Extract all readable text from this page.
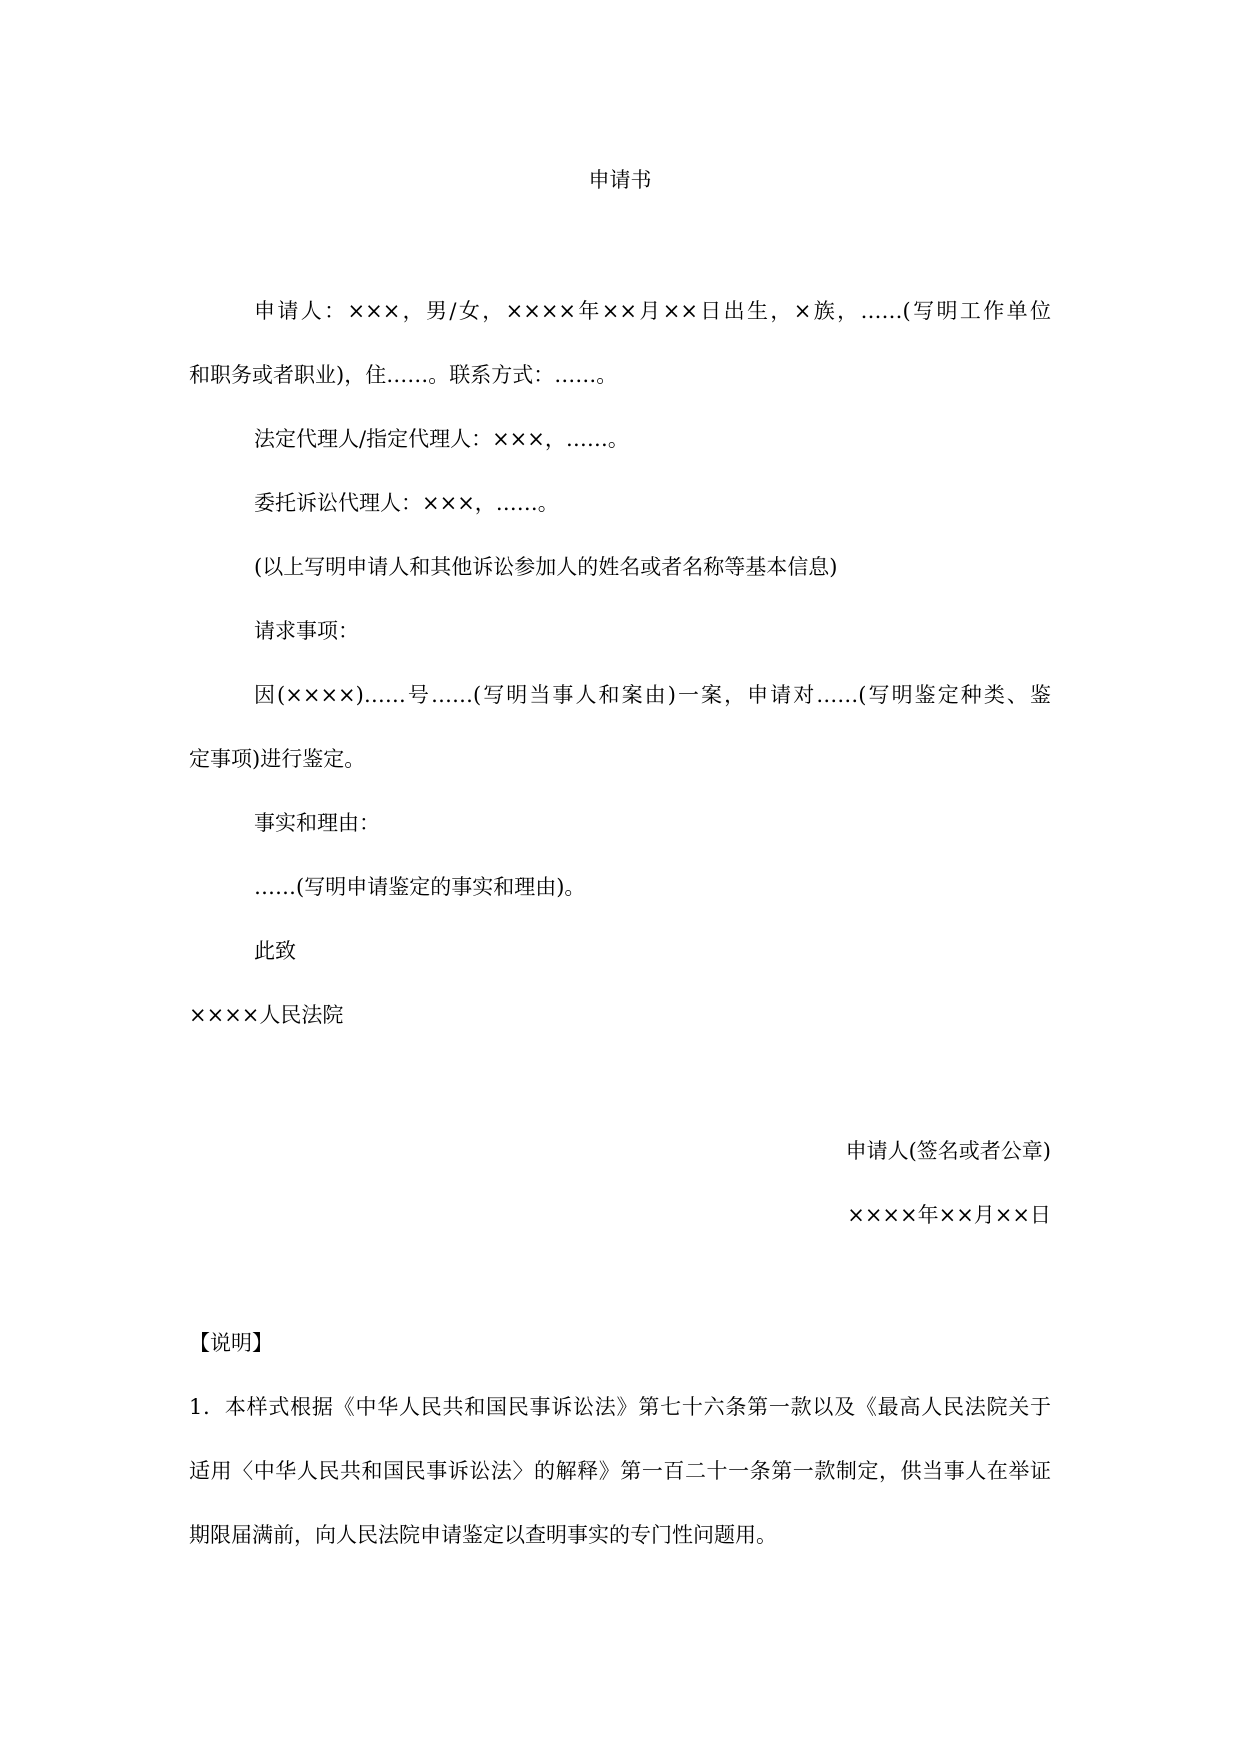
申请书
申请人：×××，男/女，××××年××月××日出生，×族，……(写明工作单位
和职务或者职业)，住……。联系方式：……。
法定代理人/指定代理人：×××，……。
委托诉讼代理人：×××，……。
(以上写明申请人和其他诉讼参加人的姓名或者名称等基本信息)
请求事项：
因(××××)……号……(写明当事人和案由)一案，申请对……(写明鉴定种类、鉴
定事项)进行鉴定。
事实和理由：
……(写明申请鉴定的事实和理由)。
此致
××××人民法院
申请人(签名或者公章)
××××年××月××日
【说明】
1．本样式根据《中华人民共和国民事诉讼法》第七十六条第一款以及《最高人民法院关于
适用〈中华人民共和国民事诉讼法〉的解释》第一百二十一条第一款制定，供当事人在举证
期限届满前，向人民法院申请鉴定以查明事实的专门性问题用。
